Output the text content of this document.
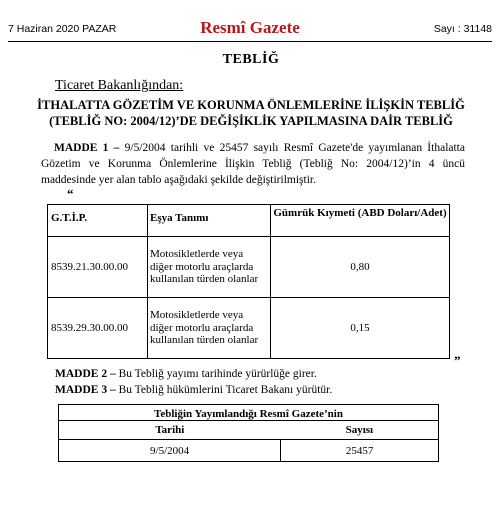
7 Haziran 2020 PAZAR	Resmî Gazete	Sayı : 31148
TEBLİĞ
Ticaret Bakanlığından:
İTHALATTA GÖZETİM VE KORUNMA ÖNLEMLERİNE İLİŞKİN TEBLİĞ
(TEBLİĞ NO: 2004/12)’DE DEĞİŞİKLİK YAPILMASINA DAİR TEBLİĞ
MADDE 1 – 9/5/2004 tarihli ve 25457 sayılı Resmî Gazete'de yayımlanan İthalatta Gözetim ve Korunma Önlemlerine İlişkin Tebliğ (Tebliğ No: 2004/12)’in 4 üncü maddesinde yer alan tablo aşağıdaki şekilde değiştirilmiştir.
“
G.T.İ.P.	Eşya Tanımı	Gümrük Kıymeti (ABD Doları/Adet)
8539.21.30.00.00	Motosikletlerde veya diğer motorlu araçlarda kullanılan türden olanlar	0,80
8539.29.30.00.00	Motosikletlerde veya diğer motorlu araçlarda kullanılan türden olanlar	0,15
”
MADDE 2 – Bu Tebliğ yayımı tarihinde yürürlüğe girer.
MADDE 3 – Bu Tebliğ hükümlerini Ticaret Bakanı yürütür.
Tebliğin Yayımlandığı Resmî Gazete’nin	
Tarihi	Sayısı
9/5/2004	25457
